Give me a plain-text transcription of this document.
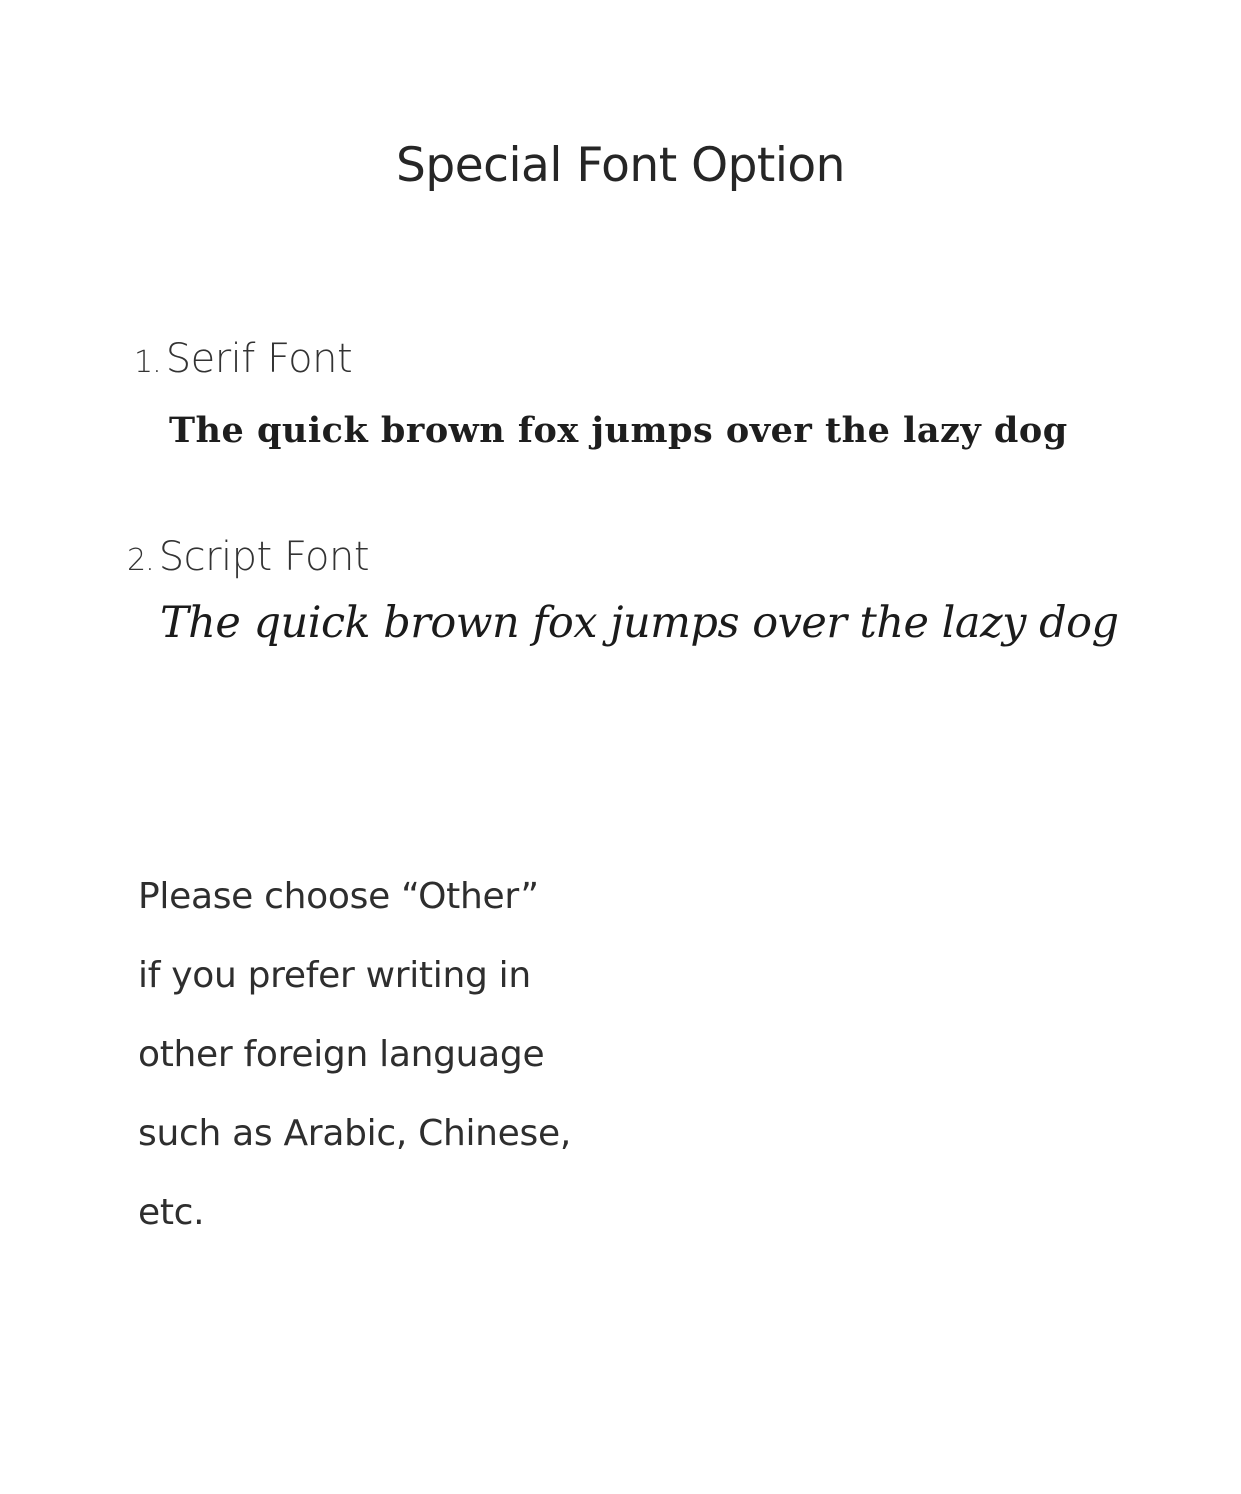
Special Font Option
1. Serif Font
The quick brown fox jumps over the lazy dog
2. Script Font
The quick brown fox jumps over the lazy dog
Please choose “Other”
if you prefer writing in
other foreign language
such as Arabic, Chinese,
etc.
